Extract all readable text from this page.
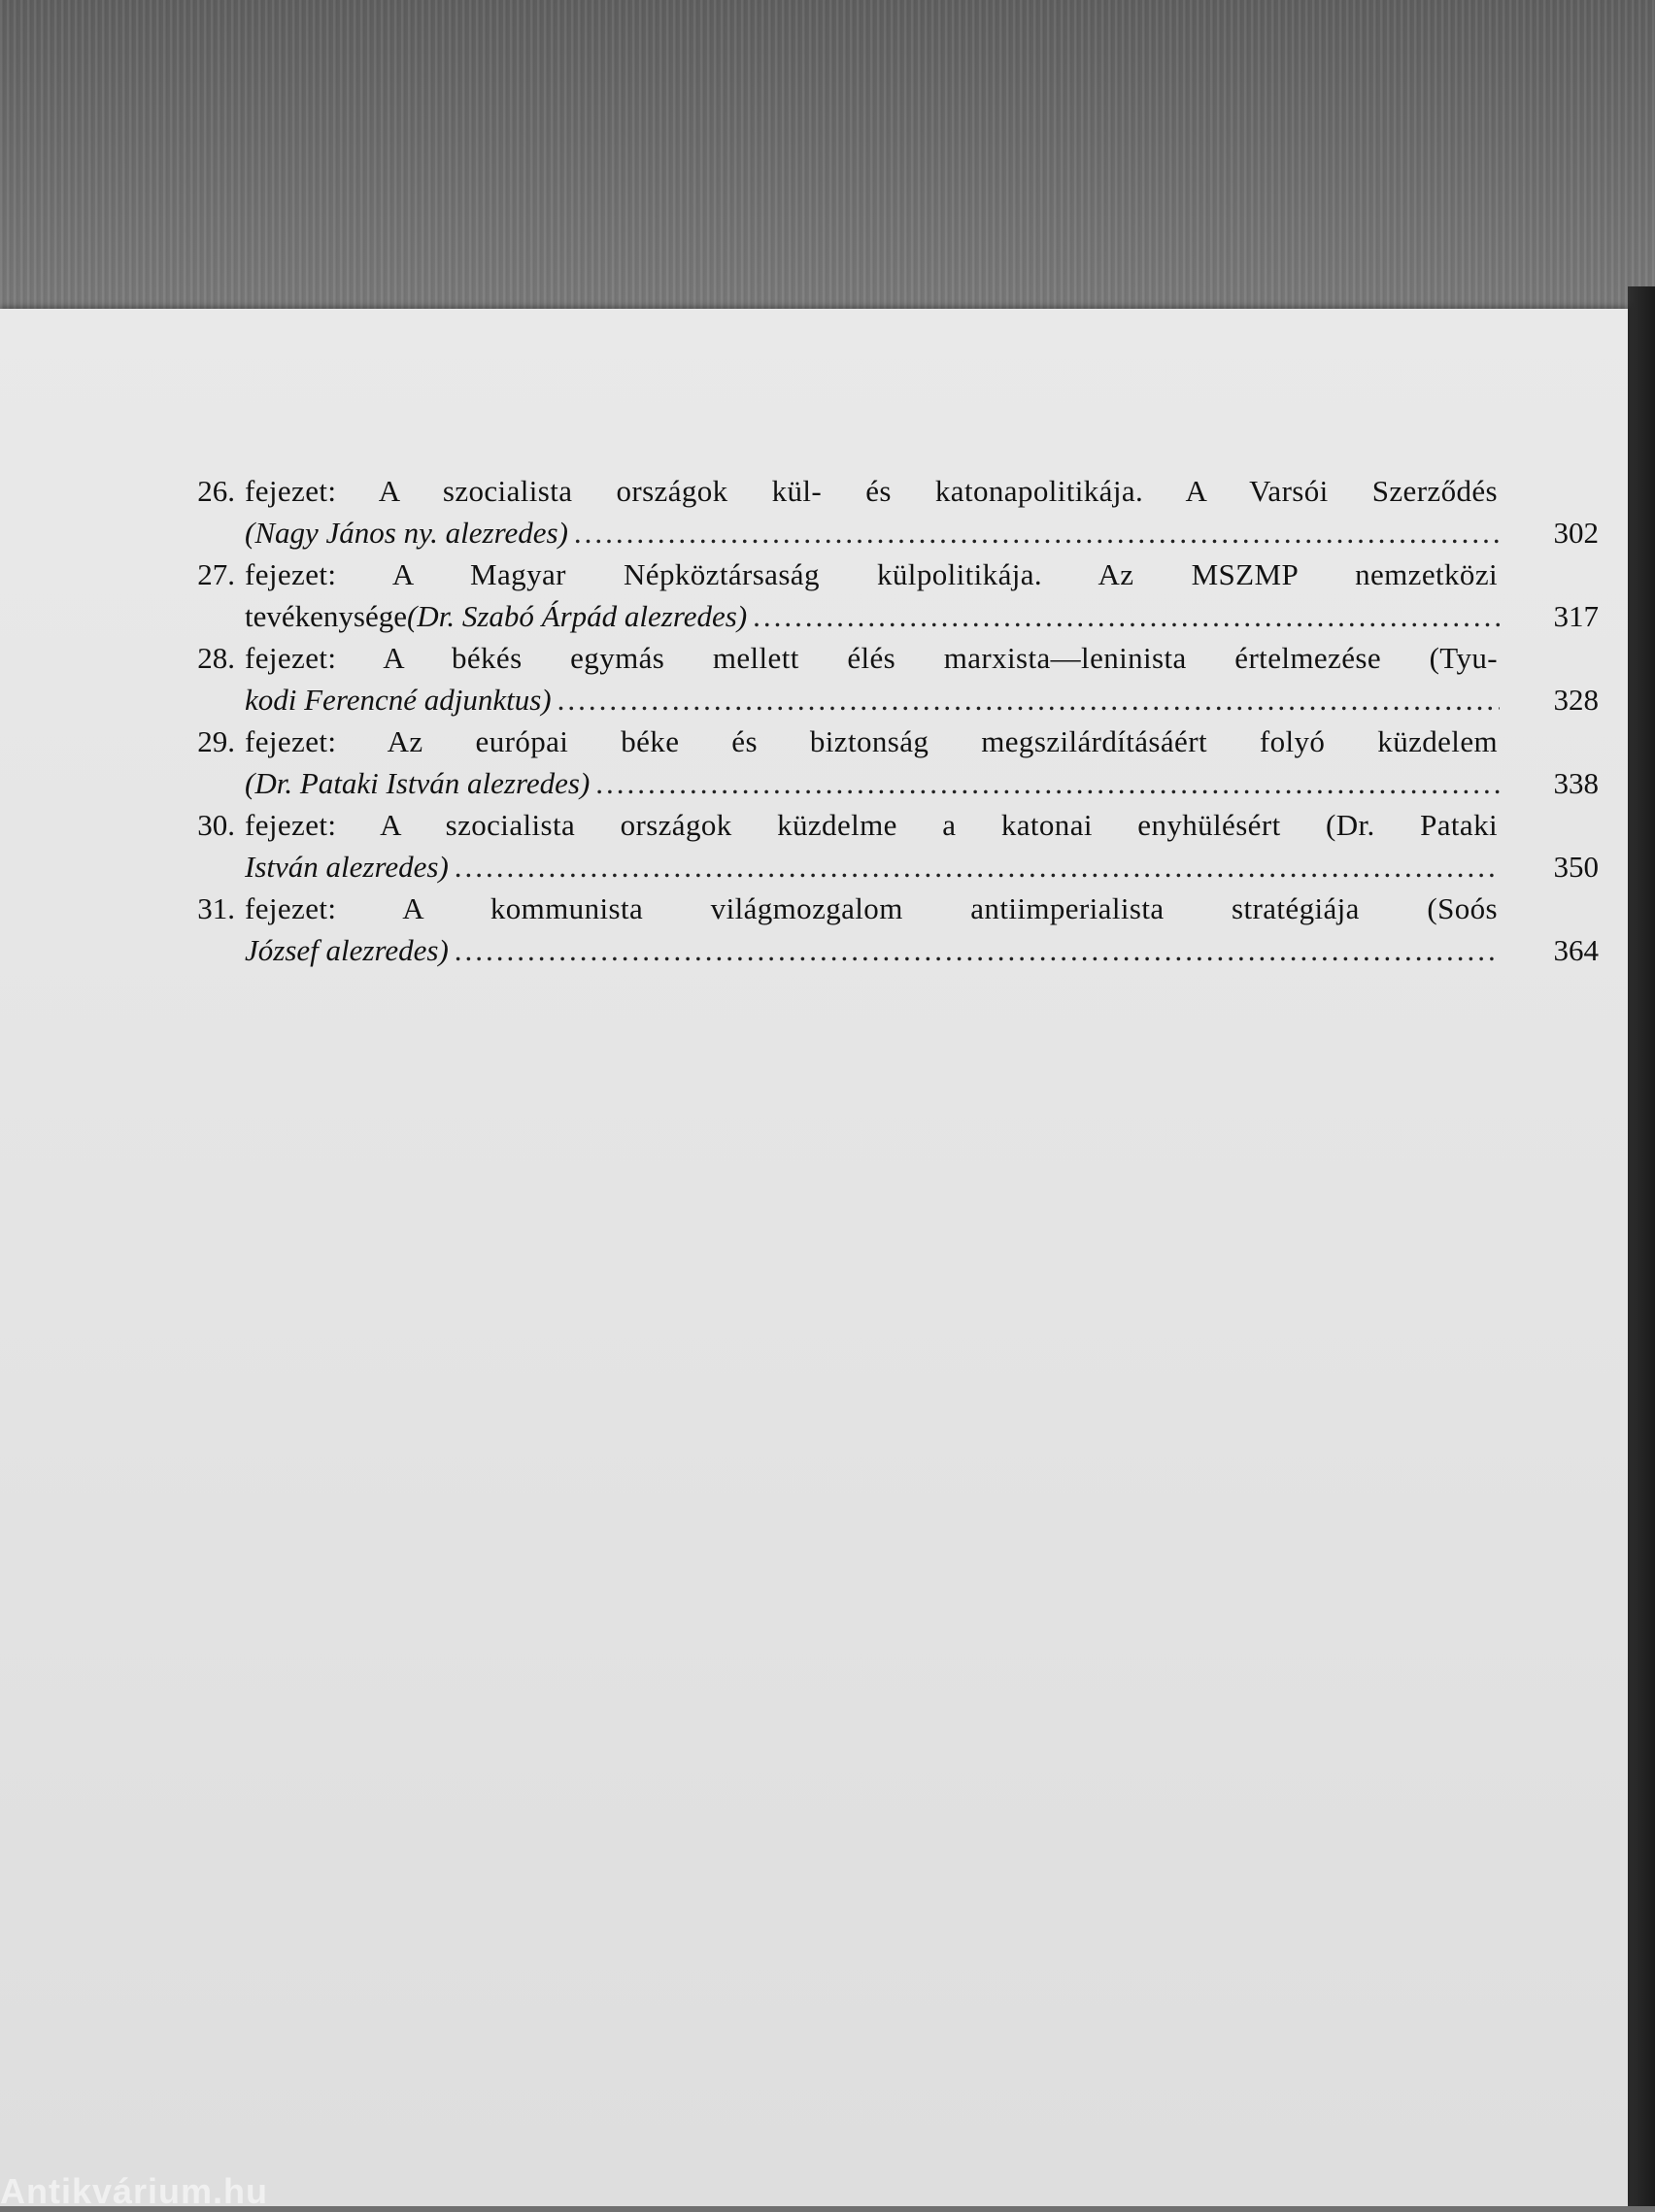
26. fejezet: A szocialista országok kül- és katonapolitikája. A Varsói Szerződés
(Nagy János ny. alezredes) .....	302
27. fejezet: A Magyar Népköztársaság külpolitikája. Az MSZMP nemzetközi
tevékenysége (Dr. Szabó Árpád alezredes) .....	317
28. fejezet: A békés egymás mellett élés marxista—leninista értelmezése (Tyu-
kodi Ferencné adjunktus) .....	328
29. fejezet: Az európai béke és biztonság megszilárdításáért folyó küzdelem
(Dr. Pataki István alezredes) .....	338
30. fejezet: A szocialista országok küzdelme a katonai enyhülésért (Dr. Pataki
István alezredes) .....	350
31. fejezet: A kommunista világmozgalom antiimperialista stratégiája (Soós
József alezredes) .....	364
Antikvárium.hu
